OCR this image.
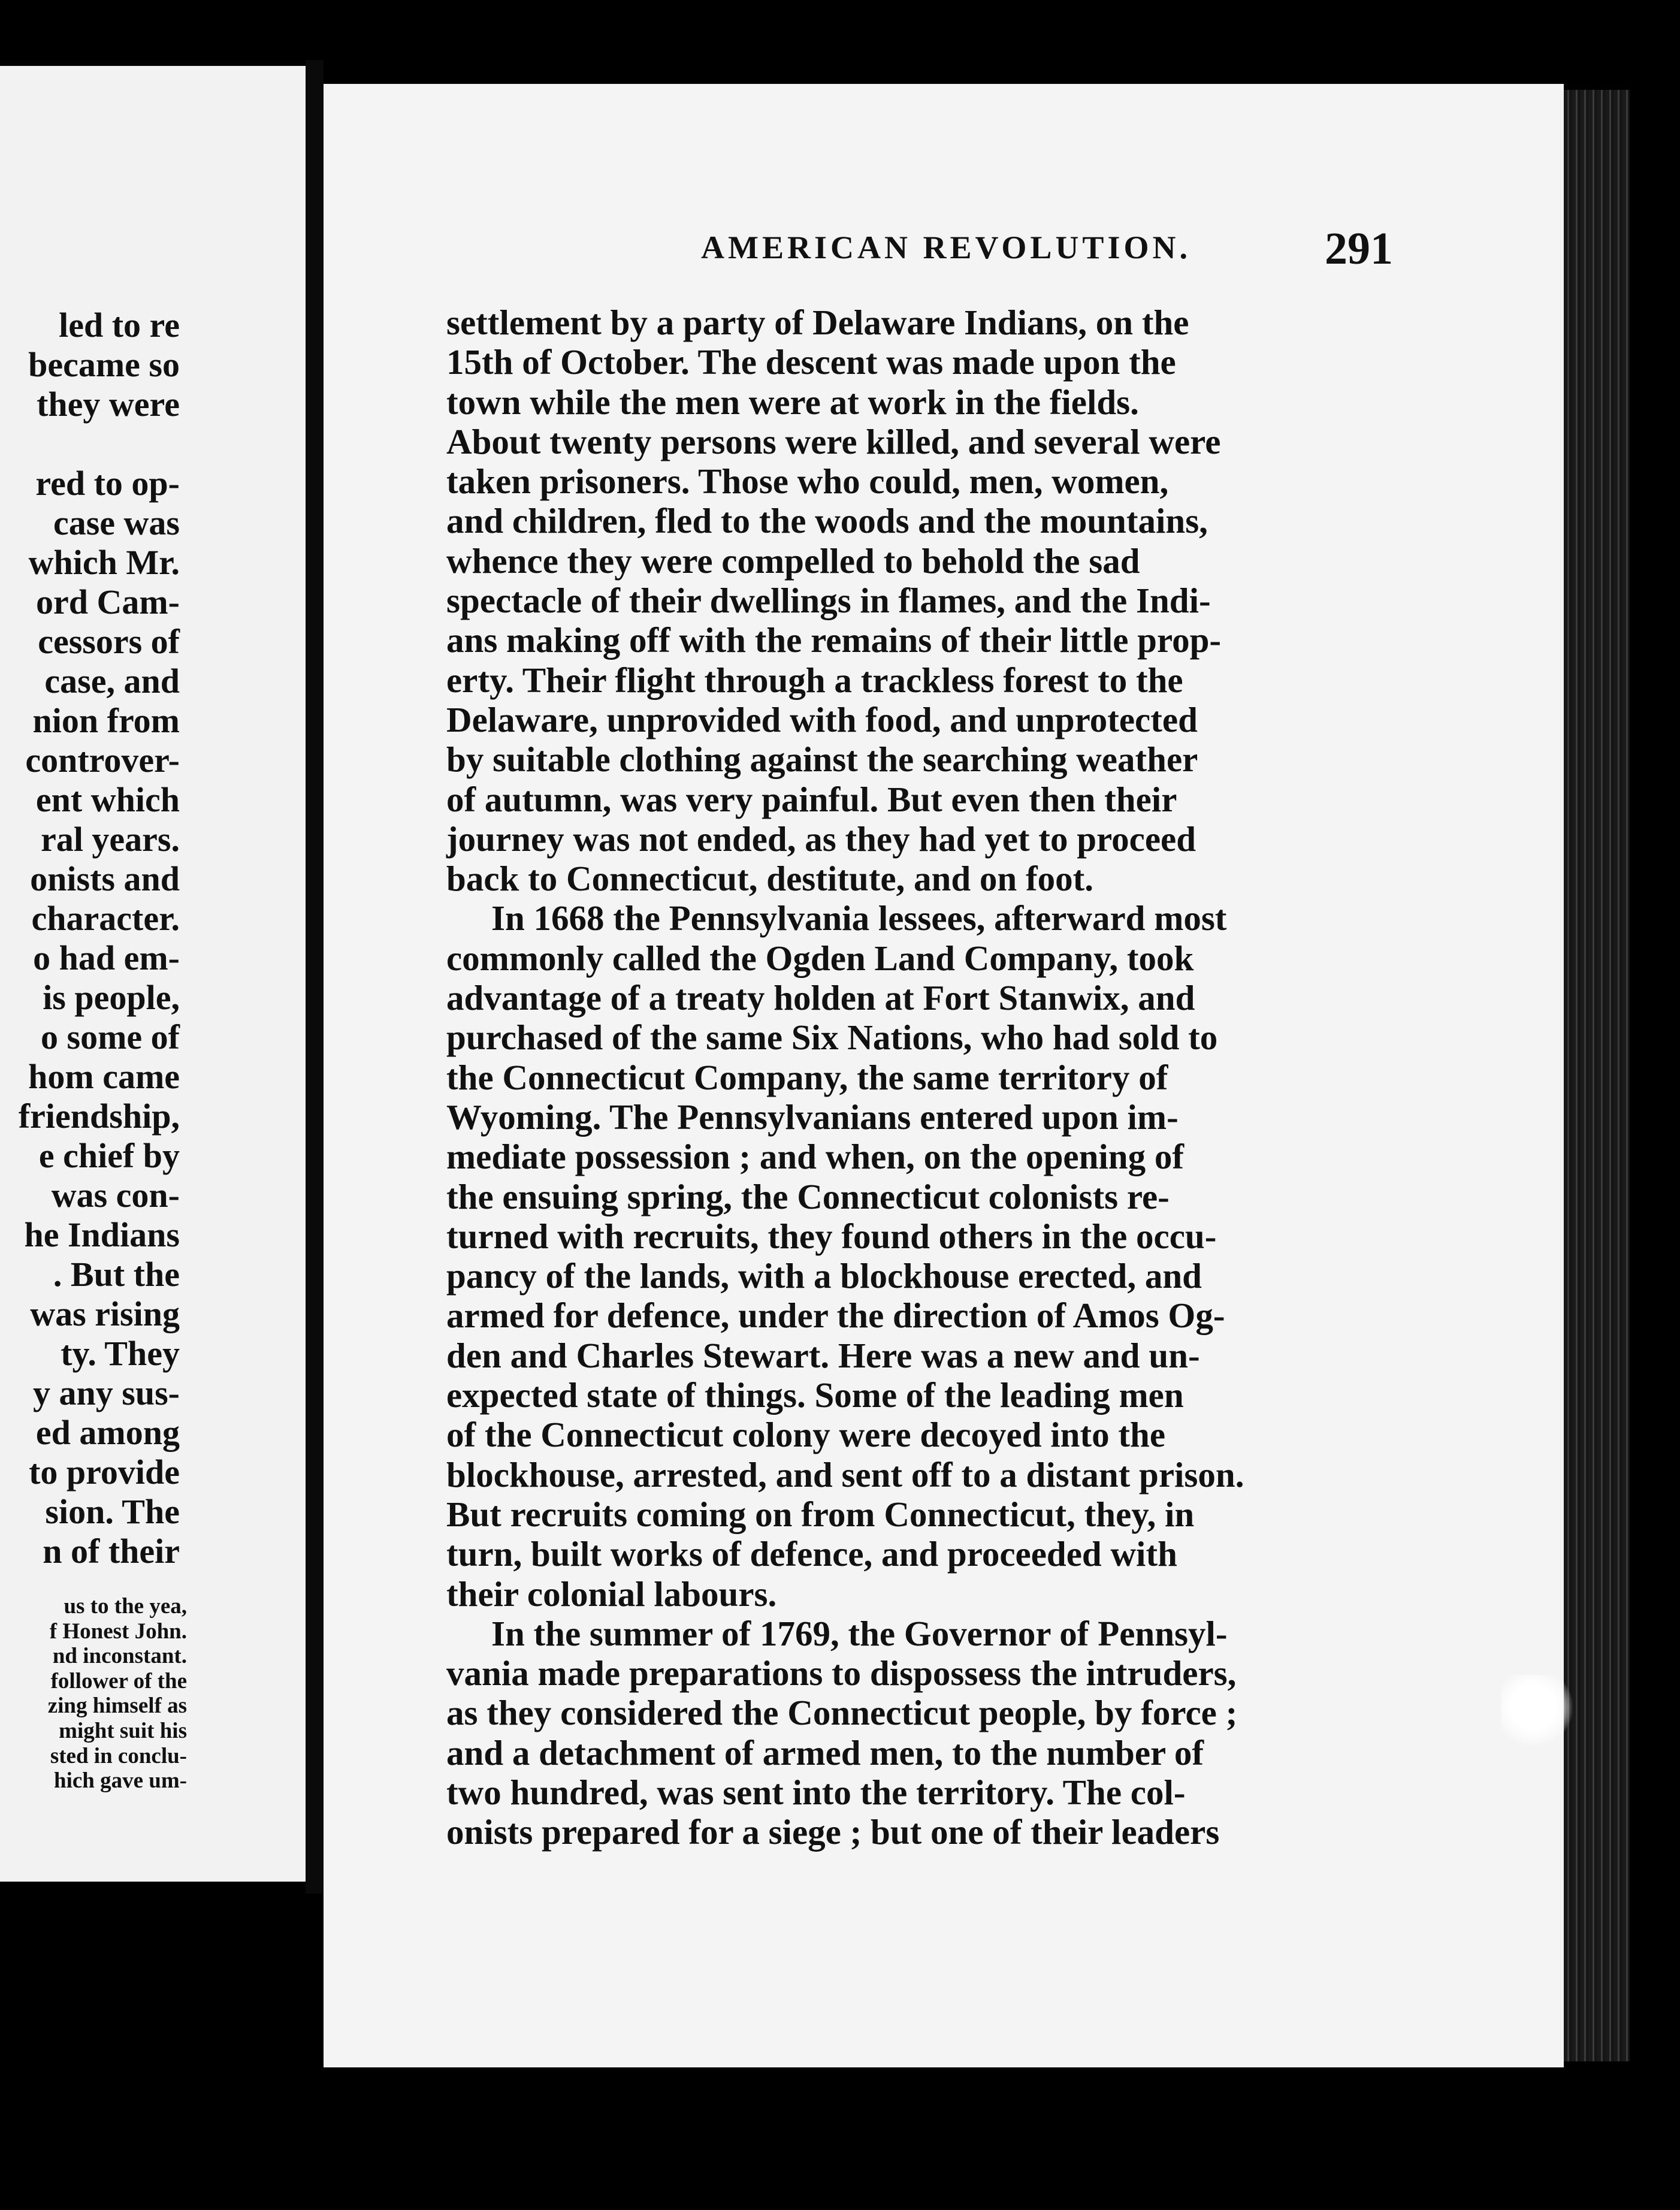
led to re
became so
they were

red to op-
case was
which Mr.
ord Cam-
cessors of
case, and
nion from
controver-
ent which
ral years.
onists and
character.
o had em-
is people,
o some of
hom came
friendship,
e chief by
was con-
he Indians
. But the
was rising
ty. They
y any sus-
ed among
to provide
sion. The
n of their
us to the yea,
f Honest John.
nd inconstant.
follower of the
zing himself as
might suit his
sted in conclu-
hich gave um-
AMERICAN REVOLUTION.	291
settlement by a party of Delaware Indians, on the
15th of October. The descent was made upon the
town while the men were at work in the fields.
About twenty persons were killed, and several were
taken prisoners. Those who could, men, women,
and children, fled to the woods and the mountains,
whence they were compelled to behold the sad
spectacle of their dwellings in flames, and the Indi-
ans making off with the remains of their little prop-
erty. Their flight through a trackless forest to the
Delaware, unprovided with food, and unprotected
by suitable clothing against the searching weather
of autumn, was very painful. But even then their
journey was not ended, as they had yet to proceed
back to Connecticut, destitute, and on foot.
In 1668 the Pennsylvania lessees, afterward most
commonly called the Ogden Land Company, took
advantage of a treaty holden at Fort Stanwix, and
purchased of the same Six Nations, who had sold to
the Connecticut Company, the same territory of
Wyoming. The Pennsylvanians entered upon im-
mediate possession ; and when, on the opening of
the ensuing spring, the Connecticut colonists re-
turned with recruits, they found others in the occu-
pancy of the lands, with a blockhouse erected, and
armed for defence, under the direction of Amos Og-
den and Charles Stewart. Here was a new and un-
expected state of things. Some of the leading men
of the Connecticut colony were decoyed into the
blockhouse, arrested, and sent off to a distant prison.
But recruits coming on from Connecticut, they, in
turn, built works of defence, and proceeded with
their colonial labours.
In the summer of 1769, the Governor of Pennsyl-
vania made preparations to dispossess the intruders,
as they considered the Connecticut people, by force ;
and a detachment of armed men, to the number of
two hundred, was sent into the territory. The col-
onists prepared for a siege ; but one of their leaders
